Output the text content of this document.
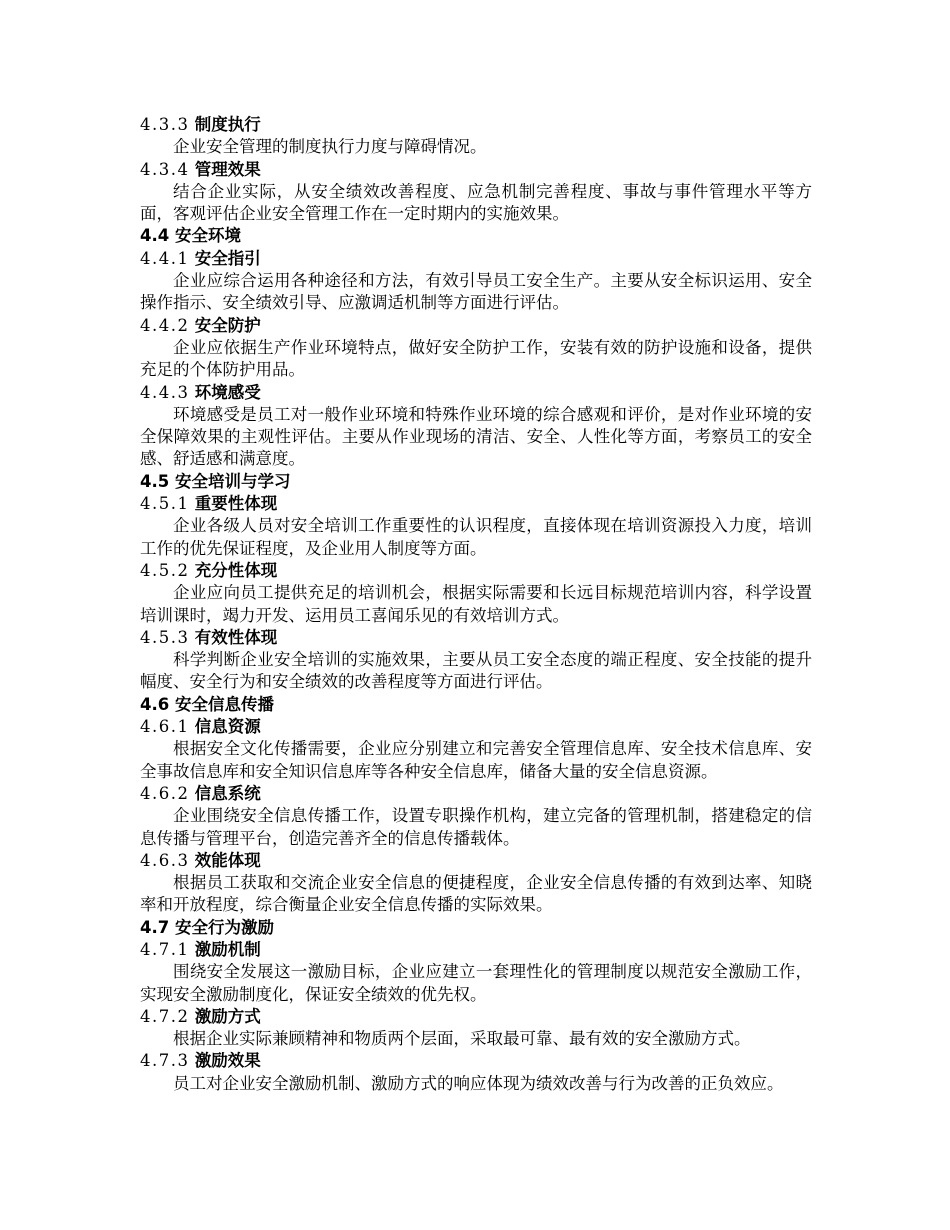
4.3.3 制度执行

企业安全管理的制度执行力度与障碍情况。

4.3.4 管理效果

结合企业实际，从安全绩效改善程度、应急机制完善程度、事故与事件管理水平等方面，客观评估企业安全管理工作在一定时期内的实施效果。

4.4 安全环境

4.4.1 安全指引

企业应综合运用各种途径和方法，有效引导员工安全生产。主要从安全标识运用、安全操作指示、安全绩效引导、应激调适机制等方面进行评估。

4.4.2 安全防护

企业应依据生产作业环境特点，做好安全防护工作，安装有效的防护设施和设备，提供充足的个体防护用品。

4.4.3 环境感受

环境感受是员工对一般作业环境和特殊作业环境的综合感观和评价，是对作业环境的安全保障效果的主观性评估。主要从作业现场的清洁、安全、人性化等方面，考察员工的安全感、舒适感和满意度。

4.5 安全培训与学习

4.5.1 重要性体现

企业各级人员对安全培训工作重要性的认识程度，直接体现在培训资源投入力度，培训工作的优先保证程度，及企业用人制度等方面。

4.5.2 充分性体现

企业应向员工提供充足的培训机会，根据实际需要和长远目标规范培训内容，科学设置培训课时，竭力开发、运用员工喜闻乐见的有效培训方式。

4.5.3 有效性体现

科学判断企业安全培训的实施效果，主要从员工安全态度的端正程度、安全技能的提升幅度、安全行为和安全绩效的改善程度等方面进行评估。

4.6 安全信息传播

4.6.1 信息资源

根据安全文化传播需要，企业应分别建立和完善安全管理信息库、安全技术信息库、安全事故信息库和安全知识信息库等各种安全信息库，储备大量的安全信息资源。

4.6.2 信息系统

企业围绕安全信息传播工作，设置专职操作机构，建立完备的管理机制，搭建稳定的信息传播与管理平台，创造完善齐全的信息传播载体。

4.6.3 效能体现

根据员工获取和交流企业安全信息的便捷程度，企业安全信息传播的有效到达率、知晓率和开放程度，综合衡量企业安全信息传播的实际效果。

4.7 安全行为激励

4.7.1 激励机制

围绕安全发展这一激励目标，企业应建立一套理性化的管理制度以规范安全激励工作，实现安全激励制度化，保证安全绩效的优先权。

4.7.2 激励方式

根据企业实际兼顾精神和物质两个层面，采取最可靠、最有效的安全激励方式。

4.7.3 激励效果

员工对企业安全激励机制、激励方式的响应体现为绩效改善与行为改善的正负效应。
